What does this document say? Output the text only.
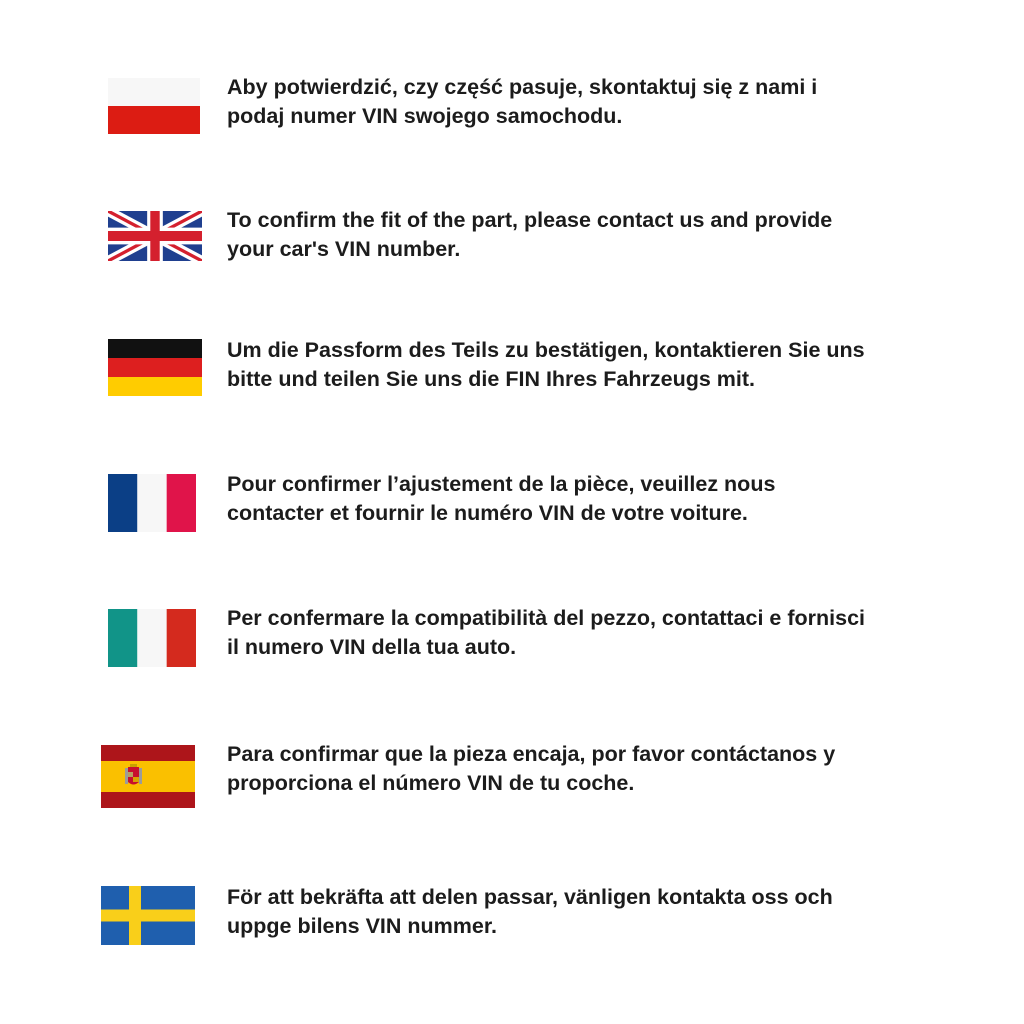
Aby potwierdzić, czy część pasuje, skontaktuj się z nami i
podaj numer VIN swojego samochodu.

To confirm the fit of the part, please contact us and provide
your car's VIN number.

Um die Passform des Teils zu bestätigen, kontaktieren Sie uns
bitte und teilen Sie uns die FIN Ihres Fahrzeugs mit.

Pour confirmer l’ajustement de la pièce, veuillez nous
contacter et fournir le numéro VIN de votre voiture.

Per confermare la compatibilità del pezzo, contattaci e fornisci
il numero VIN della tua auto.

Para confirmar que la pieza encaja, por favor contáctanos y
proporciona el número VIN de tu coche.

För att bekräfta att delen passar, vänligen kontakta oss och
uppge bilens VIN nummer.
